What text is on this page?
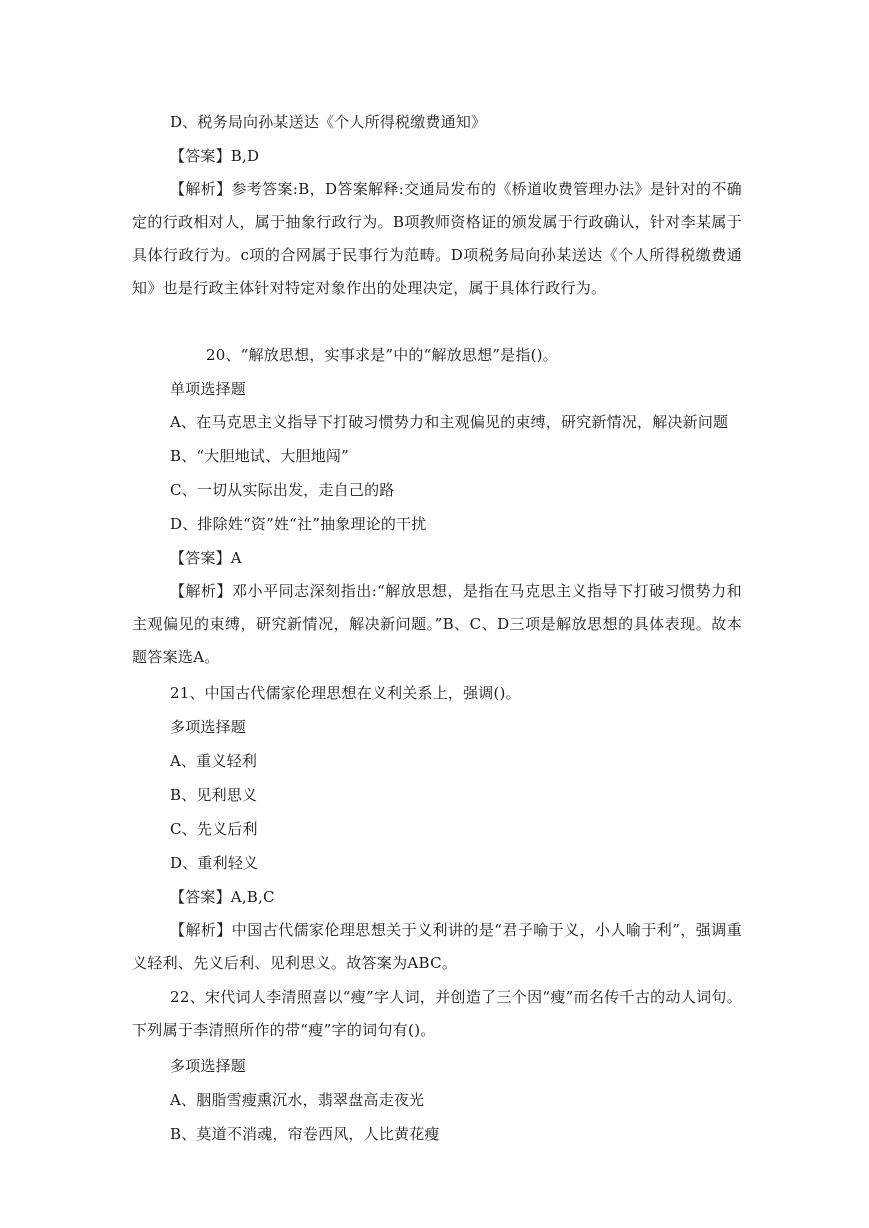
D、税务局向孙某送达《个人所得税缴费通知》
【答案】B,D
【解析】参考答案:B，D答案解释:交通局发布的《桥道收费管理办法》是针对的不确定的行政相对人，属于抽象行政行为。B项教师资格证的颁发属于行政确认，针对李某属于具体行政行为。c项的合网属于民事行为范畴。D项税务局向孙某送达《个人所得税缴费通知》也是行政主体针对特定对象作出的处理决定，属于具体行政行为。
20、“解放思想，实事求是”中的“解放思想”是指()。
单项选择题
A、在马克思主义指导下打破习惯势力和主观偏见的束缚，研究新情况，解决新问题
B、“大胆地试、大胆地闯”
C、一切从实际出发，走自己的路
D、排除姓“资”姓“社”抽象理论的干扰
【答案】A
【解析】邓小平同志深刻指出:“解放思想，是指在马克思主义指导下打破习惯势力和主观偏见的束缚，研究新情况，解决新问题。”B、C、D三项是解放思想的具体表现。故本题答案选A。
21、中国古代儒家伦理思想在义利关系上，强调()。
多项选择题
A、重义轻利
B、见利思义
C、先义后利
D、重利轻义
【答案】A,B,C
【解析】中国古代儒家伦理思想关于义利讲的是“君子喻于义，小人喻于利”，强调重义轻利、先义后利、见利思义。故答案为ABC。
22、宋代词人李清照喜以“瘦”字人词，并创造了三个因“瘦”而名传千古的动人词句。下列属于李清照所作的带“瘦”字的词句有()。
多项选择题
A、胭脂雪瘦熏沉水，翡翠盘高走夜光
B、莫道不消魂，帘卷西风，人比黄花瘦
